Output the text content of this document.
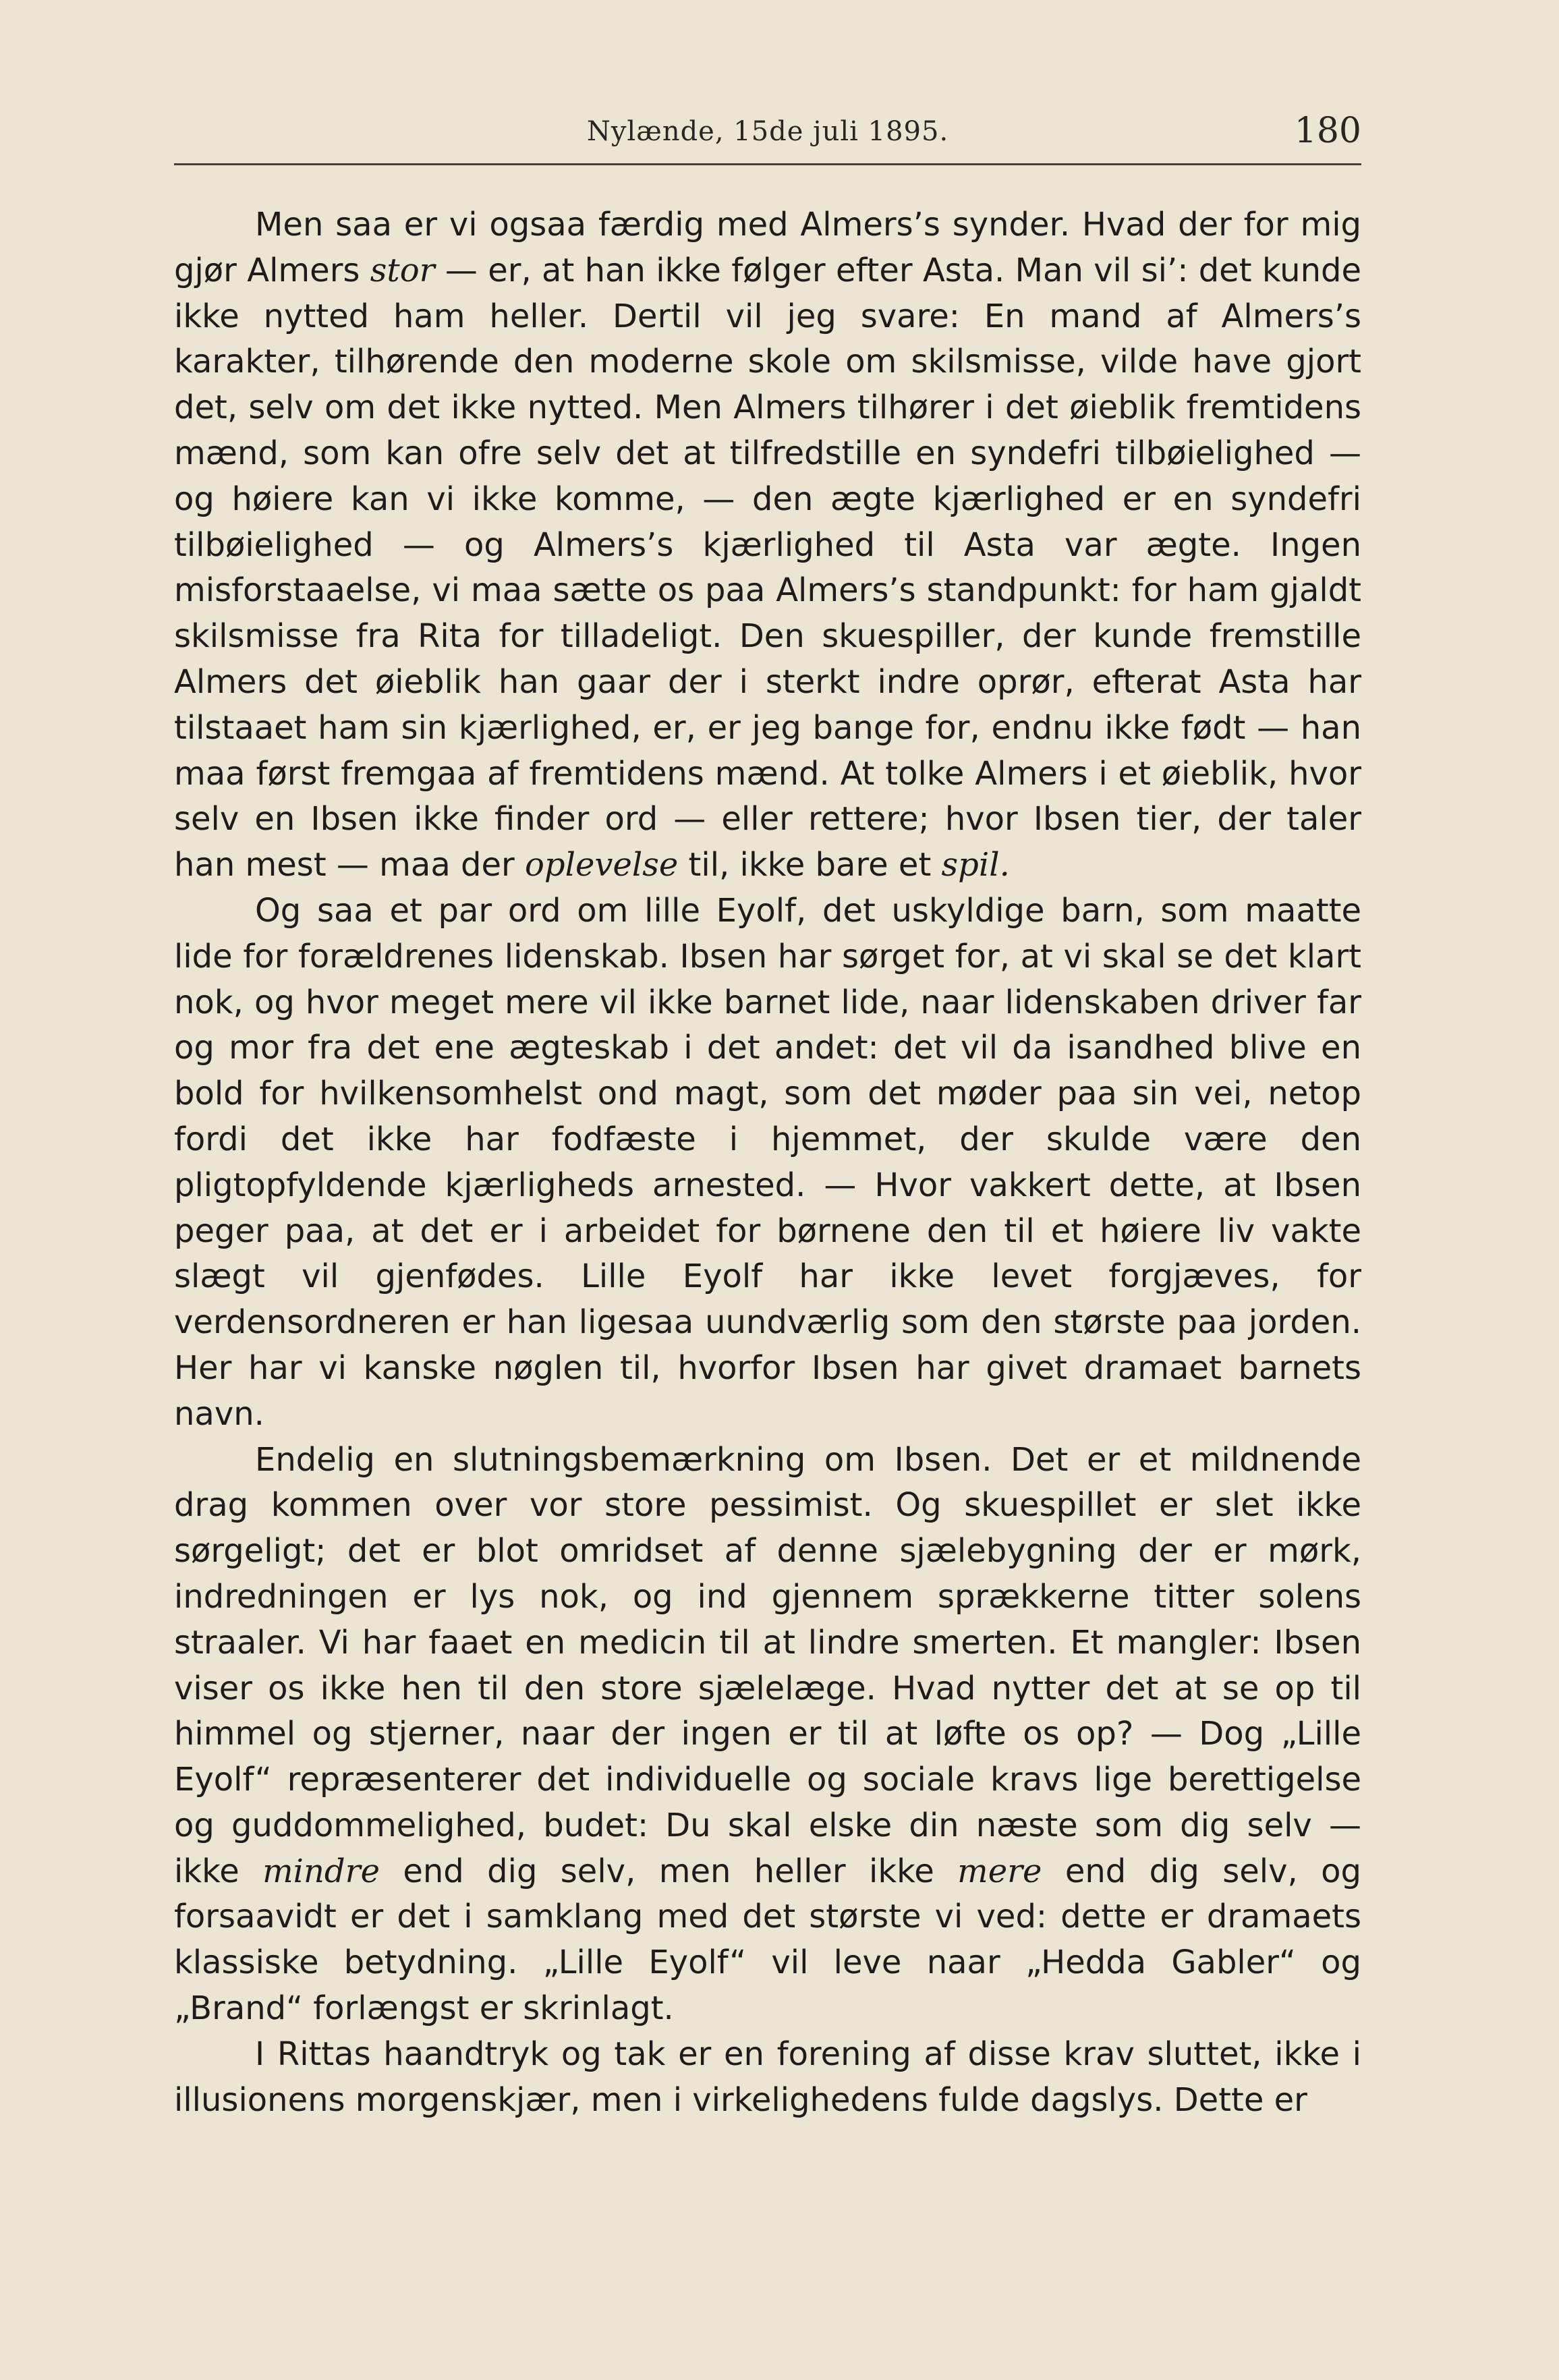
Nylænde, 15de juli 1895.	180

Men saa er vi ogsaa færdig med Almers’s synder. Hvad der for mig gjør Almers stor — er, at han ikke følger efter Asta. Man vil si’: det kunde ikke nytted ham heller. Dertil vil jeg svare: En mand af Almers’s karakter, tilhørende den moderne skole om skilsmisse, vilde have gjort det, selv om det ikke nytted. Men Almers tilhører i det øieblik fremtidens mænd, som kan ofre selv det at tilfredstille en syndefri tilbøielighed — og høiere kan vi ikke komme, — den ægte kjærlighed er en syndefri tilbøielighed — og Almers’s kjærlighed til Asta var ægte. Ingen misforstaaelse, vi maa sætte os paa Almers’s standpunkt: for ham gjaldt skilsmisse fra Rita for tilladeligt. Den skuespiller, der kunde fremstille Almers det øieblik han gaar der i sterkt indre oprør, efterat Asta har tilstaaet ham sin kjærlighed, er, er jeg bange for, endnu ikke født — han maa først fremgaa af fremtidens mænd. At tolke Almers i et øieblik, hvor selv en Ibsen ikke finder ord — eller rettere; hvor Ibsen tier, der taler han mest — maa der oplevelse til, ikke bare et spil.

Og saa et par ord om lille Eyolf, det uskyldige barn, som maatte lide for forældrenes lidenskab. Ibsen har sørget for, at vi skal se det klart nok, og hvor meget mere vil ikke barnet lide, naar lidenskaben driver far og mor fra det ene ægteskab i det andet: det vil da isandhed blive en bold for hvilkensomhelst ond magt, som det møder paa sin vei, netop fordi det ikke har fodfæste i hjemmet, der skulde være den pligtopfyldende kjærligheds arnested. — Hvor vakkert dette, at Ibsen peger paa, at det er i arbeidet for børnene den til et høiere liv vakte slægt vil gjenfødes. Lille Eyolf har ikke levet forgjæves, for verdensordneren er han ligesaa uundværlig som den største paa jorden. Her har vi kanske nøglen til, hvorfor Ibsen har givet dramaet barnets navn.

Endelig en slutningsbemærkning om Ibsen. Det er et mildnende drag kommen over vor store pessimist. Og skuespillet er slet ikke sørgeligt; det er blot omridset af denne sjælebygning der er mørk, indredningen er lys nok, og ind gjennem sprækkerne titter solens straaler. Vi har faaet en medicin til at lindre smerten. Et mangler: Ibsen viser os ikke hen til den store sjælelæge. Hvad nytter det at se op til himmel og stjerner, naar der ingen er til at løfte os op? — Dog „Lille Eyolf“ repræsenterer det individuelle og sociale kravs lige berettigelse og guddommelighed, budet: Du skal elske din næste som dig selv — ikke mindre end dig selv, men heller ikke mere end dig selv, og forsaavidt er det i samklang med det største vi ved: dette er dramaets klassiske betydning. „Lille Eyolf“ vil leve naar „Hedda Gabler“ og „Brand“ forlængst er skrinlagt.

I Rittas haandtryk og tak er en forening af disse krav sluttet, ikke i illusionens morgenskjær, men i virkelighedens fulde dagslys. Dette er
